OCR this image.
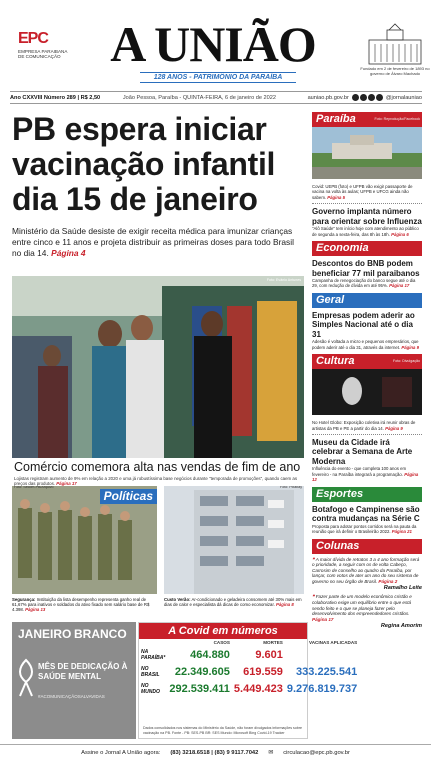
EPC
EMPRESA PARAIBANA DE COMUNICAÇÃO A UNIÃO
128 ANOS - PATRIMÔNIO DA PARAÍBA
Fundado em 2 de fevereiro de 1893 no governo de Álvaro Machado
Ano CXXVIII Número 289 | R$ 2,50	João Pessoa, Paraíba - QUINTA-FEIRA, 6 de janeiro de 2022	auniao.pb.gov.br	@jornalauniao
PB espera iniciar vacinação infantil dia 15 de janeiro
Ministério da Saúde desiste de exigir receita médica para imunizar crianças entre cinco e 11 anos e projeta distribuir as primeiras doses para todo Brasil no dia 14. Página 4
Foto: Evânio Antunes
Comércio comemora alta nas vendas de fim de ano
Lojistas registram aumento de 9% em relação a 2020 e uma já robustíssima base negócios durante "temporada de promoções", quando caem as preços das produtos. Página 17
Paraíba	Foto: Reprodução/Facebook
Covid: UEPB (foto) e UFPB vão exigir passaporte de vacina na volta às aulas; UFPB e UFCG ainda não sabem. Página 5
Governo implanta número para orientar sobre Influenza
"Alô Saúde" tem início hoje com atendimento ao público de segunda a sexta-feira, das 8h às 18h. Página 6
Economia
Descontos do BNB podem beneficiar 77 mil paraibanos
Campanha de renegociação do banco segue até o dia 29, com redução de dívida em até 95%. Página 17
Geral
Empresas podem aderir ao Simples Nacional até o dia 31
Adesão é voltada a micro e pequenos empresários, que podem aderir até o dia 31, através da internet. Página 9
Cultura	Foto: Divulgação
No Hotel Globo: Exposição coletiva irá reunir obras de artistas da PB e PE a partir do dia 14. Página 9
Museu da Cidade irá celebrar a Semana de Arte Moderna
Influência do evento - que completa 100 anos em fevereiro - na Paraíba integrará a programação. Página 12
Esportes
Botafogo e Campinense são contra mudanças na Série C
Proposta para adotar pontos corridos será na pauta da reunião que irá definir o Brasileirão 2022. Página 21
Colunas
❝ A maior dívida de retratos 3 a 4 ano formação será o prioridade, a seguir com os de volta Cabeço, Carrosim de conselho ao quadro da Paraíba, por lançar, com votos de ater um ano do seu sistema de governo no seu órgão de Brasil. Página 2
Ramalho Leite
❝ Fazer parte de um modelo econômico cristão e colaborativo exige um equilíbrio entre o que está sendo feito e o que se planeja fazer pelo desenvolvimento dos empreendedores cristãos. Página 17
Regina Amorim
Políticas
Foto: Secom-PB/Arquivo
Segurança: Instituição da lista desempenho representa ganho real de 61,67% para inativos e soldados do ativo fixado sem salário base de R$ 4.398. Página 13
Foto: Pixabay
Custo Verão: Ar-condicionado e geladeira consomem até 30% mais em dias de calor e especialista dá dicas de como economizar. Página 8
JANEIRO BRANCO
MÊS DE DEDICAÇÃO À SAÚDE MENTAL
#ACOMUNICAÇÃOSALVAVIDAS
A Covid em números
	CASOS	MORTES	VACINAS APLICADAS
NA PARAÍBA*	464.880	9.601	
NO BRASIL	22.349.605	619.559	333.225.541
NO MUNDO	292.539.411	5.449.423	9.276.819.737
Dados consolidados nos sistemas do Ministério da Saúde, não foram divulgados informações sobre vacinação na PB. Fonte - PB: SES-PB BR: SES Mundo: Microsoft Bing Covid-19 Tracker
Assine o Jornal A União agora: (83) 3218.6518 | (83) 9 9117.7042 ✉ circulacao@epc.pb.gov.br
